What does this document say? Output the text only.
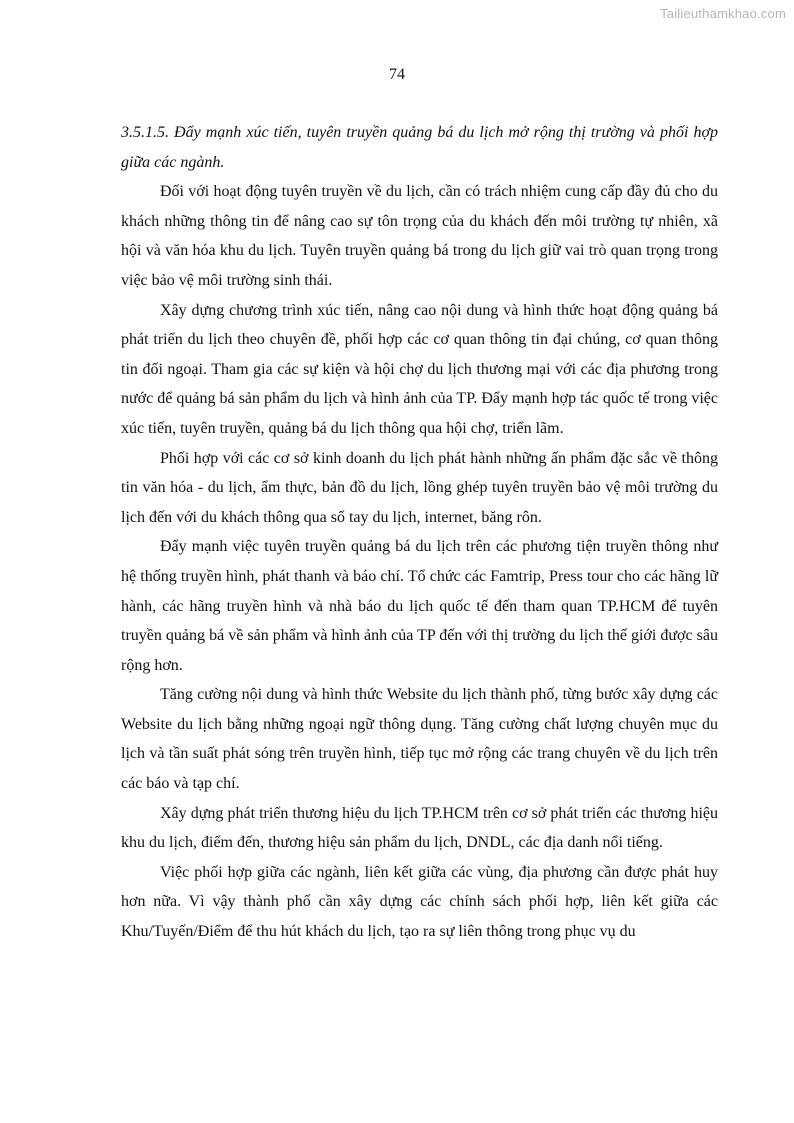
Tailieuthamkhao.com
74

3.5.1.5. Đẩy mạnh xúc tiến, tuyên truyền quảng bá du lịch mở rộng thị trường và phối hợp giữa các ngành.

Đối với hoạt động tuyên truyền về du lịch, cần có trách nhiệm cung cấp đầy đủ cho du khách những thông tin để nâng cao sự tôn trọng của du khách đến môi trường tự nhiên, xã hội và văn hóa khu du lịch. Tuyên truyền quảng bá trong du lịch giữ vai trò quan trọng trong việc bảo vệ môi trường sinh thái.

Xây dựng chương trình xúc tiến, nâng cao nội dung và hình thức hoạt động quảng bá phát triển du lịch theo chuyên đề, phối hợp các cơ quan thông tin đại chúng, cơ quan thông tin đối ngoại. Tham gia các sự kiện và hội chợ du lịch thương mại với các địa phương trong nước để quảng bá sản phẩm du lịch và hình ảnh của TP. Đẩy mạnh hợp tác quốc tế trong việc xúc tiến, tuyên truyền, quảng bá du lịch thông qua hội chợ, triển lãm.

Phối hợp với các cơ sở kinh doanh du lịch phát hành những ấn phẩm đặc sắc về thông tin văn hóa - du lịch, ẩm thực, bản đồ du lịch, lồng ghép tuyên truyền bảo vệ môi trường du lịch đến với du khách thông qua sổ tay du lịch, internet, băng rôn.

Đẩy mạnh việc tuyên truyền quảng bá du lịch trên các phương tiện truyền thông như hệ thống truyền hình, phát thanh và báo chí. Tổ chức các Famtrip, Press tour cho các hãng lữ hành, các hãng truyền hình và nhà báo du lịch quốc tế đến tham quan TP.HCM để tuyên truyền quảng bá về sản phẩm và hình ảnh của TP đến với thị trường du lịch thế giới được sâu rộng hơn.

Tăng cường nội dung và hình thức Website du lịch thành phố, từng bước xây dựng các Website du lịch bằng những ngoại ngữ thông dụng. Tăng cường chất lượng chuyên mục du lịch và tần suất phát sóng trên truyền hình, tiếp tục mở rộng các trang chuyên về du lịch trên các báo và tạp chí.

Xây dựng phát triển thương hiệu du lịch TP.HCM trên cơ sở phát triển các thương hiệu khu du lịch, điểm đến, thương hiệu sản phẩm du lịch, DNDL, các địa danh nổi tiếng.

Việc phối hợp giữa các ngành, liên kết giữa các vùng, địa phương cần được phát huy hơn nữa. Vì vậy thành phố cần xây dựng các chính sách phối hợp, liên kết giữa các Khu/Tuyến/Điểm để thu hút khách du lịch, tạo ra sự liên thông trong phục vụ du
